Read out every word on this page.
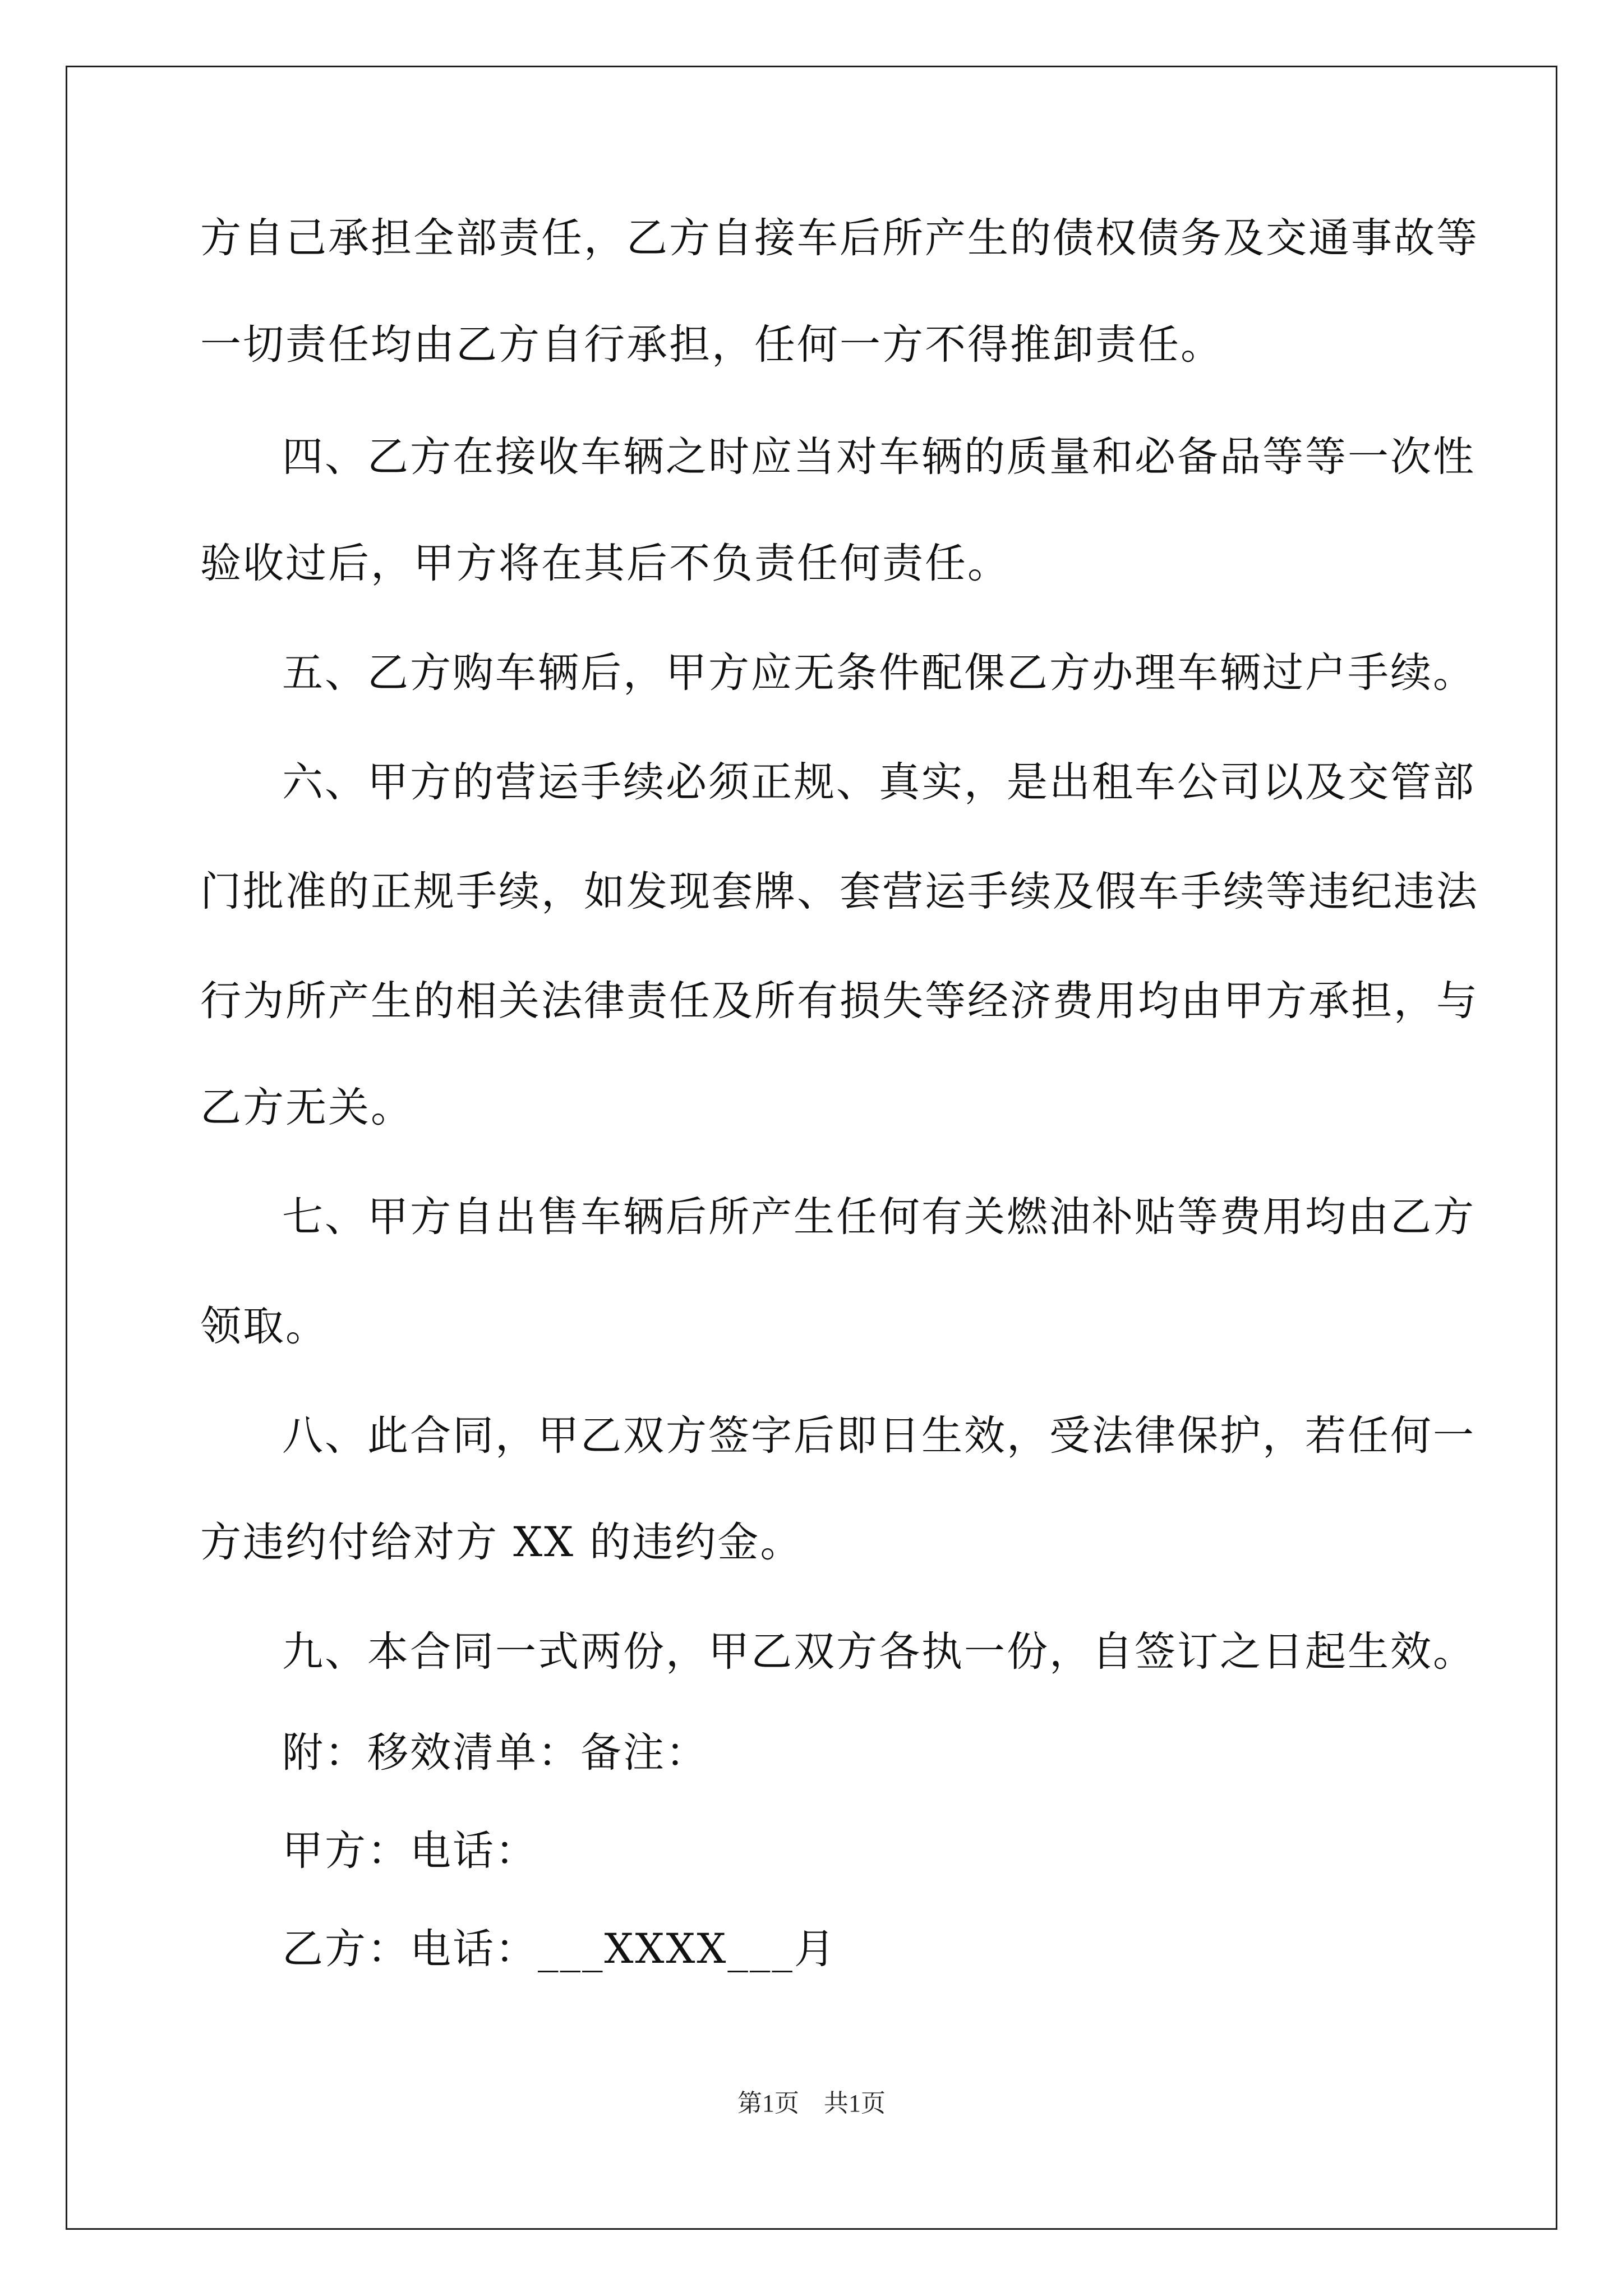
方自己承担全部责任，乙方自接车后所产生的债权债务及交通事故等
一切责任均由乙方自行承担，任何一方不得推卸责任。
四、乙方在接收车辆之时应当对车辆的质量和必备品等等一次性
验收过后，甲方将在其后不负责任何责任。
五、乙方购车辆后，甲方应无条件配倮乙方办理车辆过户手续。
六、甲方的营运手续必须正规、真实，是出租车公司以及交管部
门批准的正规手续，如发现套牌、套营运手续及假车手续等违纪违法
行为所产生的相关法律责任及所有损失等经济费用均由甲方承担，与
乙方无关。
七、甲方自出售车辆后所产生任何有关燃油补贴等费用均由乙方
领取。
八、此合同，甲乙双方签字后即日生效，受法律保护，若任何一
方违约付给对方 XX 的违约金。
九、本合同一式两份，甲乙双方各执一份，自签订之日起生效。
附：移效清单：备注：
甲方：电话：
乙方：电话：___XXXX___月
第1页　共1页
